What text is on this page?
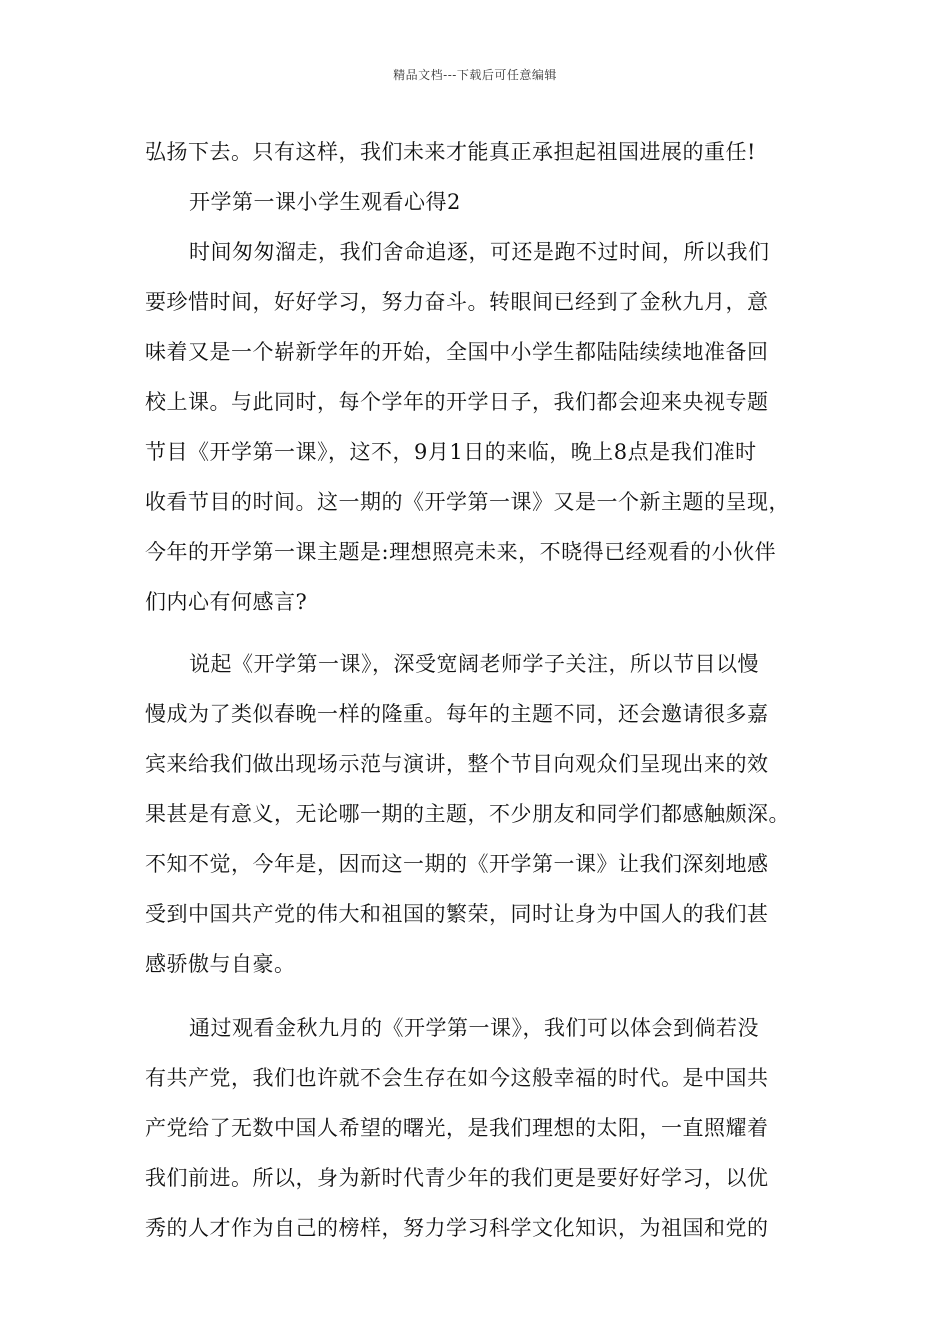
精品文档---下载后可任意编辑
弘扬下去。只有这样，我们未来才能真正承担起祖国进展的重任!
开学第一课小学生观看心得2
时间匆匆溜走，我们舍命追逐，可还是跑不过时间，所以我们
要珍惜时间，好好学习，努力奋斗。转眼间已经到了金秋九月，意
味着又是一个崭新学年的开始，全国中小学生都陆陆续续地准备回
校上课。与此同时，每个学年的开学日子，我们都会迎来央视专题
节目《开学第一课》，这不，9月1日的来临，晚上8点是我们准时
收看节目的时间。这一期的《开学第一课》又是一个新主题的呈现，
今年的开学第一课主题是:理想照亮未来，不晓得已经观看的小伙伴
们内心有何感言?
说起《开学第一课》，深受宽阔老师学子关注，所以节目以慢
慢成为了类似春晚一样的隆重。每年的主题不同，还会邀请很多嘉
宾来给我们做出现场示范与演讲，整个节目向观众们呈现出来的效
果甚是有意义，无论哪一期的主题，不少朋友和同学们都感触颇深。
不知不觉，今年是，因而这一期的《开学第一课》让我们深刻地感
受到中国共产党的伟大和祖国的繁荣，同时让身为中国人的我们甚
感骄傲与自豪。
通过观看金秋九月的《开学第一课》，我们可以体会到倘若没
有共产党，我们也许就不会生存在如今这般幸福的时代。是中国共
产党给了无数中国人希望的曙光，是我们理想的太阳，一直照耀着
我们前进。所以，身为新时代青少年的我们更是要好好学习，以优
秀的人才作为自己的榜样，努力学习科学文化知识，为祖国和党的
